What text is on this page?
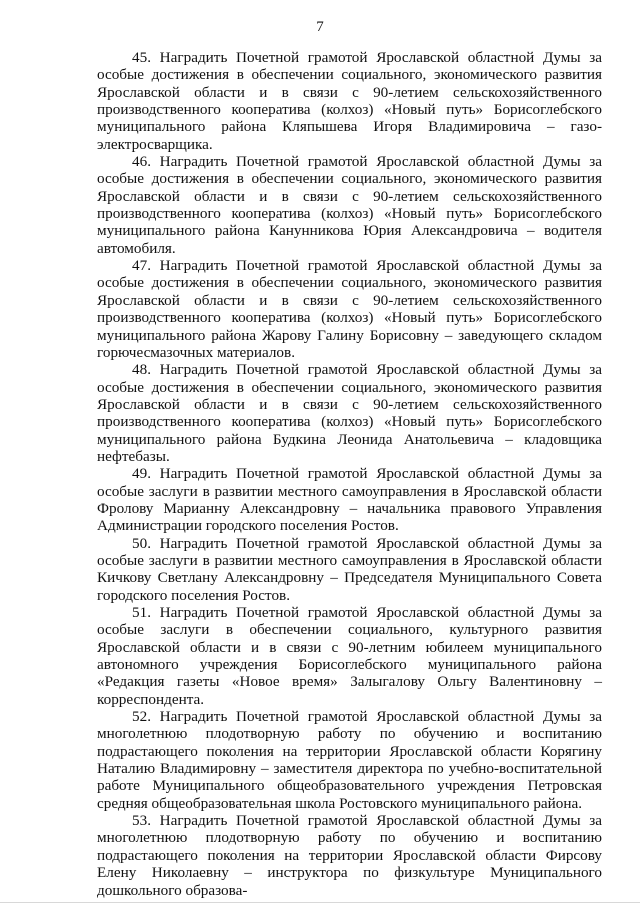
7

45. Наградить Почетной грамотой Ярославской областной Думы за особые достижения в обеспечении социального, экономического развития Ярославской области и в связи с 90-летием сельскохозяйственного производственного кооператива (колхоз) «Новый путь» Борисоглебского муниципального района Кляпышева Игоря Владимировича – газо-электросварщика.

46. Наградить Почетной грамотой Ярославской областной Думы за особые достижения в обеспечении социального, экономического развития Ярославской области и в связи с 90-летием сельскохозяйственного производственного кооператива (колхоз) «Новый путь» Борисоглебского муниципального района Канунникова Юрия Александровича – водителя автомобиля.

47. Наградить Почетной грамотой Ярославской областной Думы за особые достижения в обеспечении социального, экономического развития Ярославской области и в связи с 90-летием сельскохозяйственного производственного кооператива (колхоз) «Новый путь» Борисоглебского муниципального района Жарову Галину Борисовну – заведующего складом горючесмазочных материалов.

48. Наградить Почетной грамотой Ярославской областной Думы за особые достижения в обеспечении социального, экономического развития Ярославской области и в связи с 90-летием сельскохозяйственного производственного кооператива (колхоз) «Новый путь» Борисоглебского муниципального района Будкина Леонида Анатольевича – кладовщика нефтебазы.

49. Наградить Почетной грамотой Ярославской областной Думы за особые заслуги в развитии местного самоуправления в Ярославской области Фролову Марианну Александровну – начальника правового Управления Администрации городского поселения Ростов.

50. Наградить Почетной грамотой Ярославской областной Думы за особые заслуги в развитии местного самоуправления в Ярославской области Кичкову Светлану Александровну – Председателя Муниципального Совета городского поселения Ростов.

51. Наградить Почетной грамотой Ярославской областной Думы за особые заслуги в обеспечении социального, культурного развития Ярославской области и в связи с 90-летним юбилеем муниципального автономного учреждения Борисоглебского муниципального района «Редакция газеты «Новое время» Залыгалову Ольгу Валентиновну – корреспондента.

52. Наградить Почетной грамотой Ярославской областной Думы за многолетнюю плодотворную работу по обучению и воспитанию подрастающего поколения на территории Ярославской области Корягину Наталию Владимировну – заместителя директора по учебно-воспитательной работе Муниципального общеобразовательного учреждения Петровская средняя общеобразовательная школа Ростовского муниципального района.

53. Наградить Почетной грамотой Ярославской областной Думы за многолетнюю плодотворную работу по обучению и воспитанию подрастающего поколения на территории Ярославской области Фирсову Елену Николаевну – инструктора по физкультуре Муниципального дошкольного образова-
